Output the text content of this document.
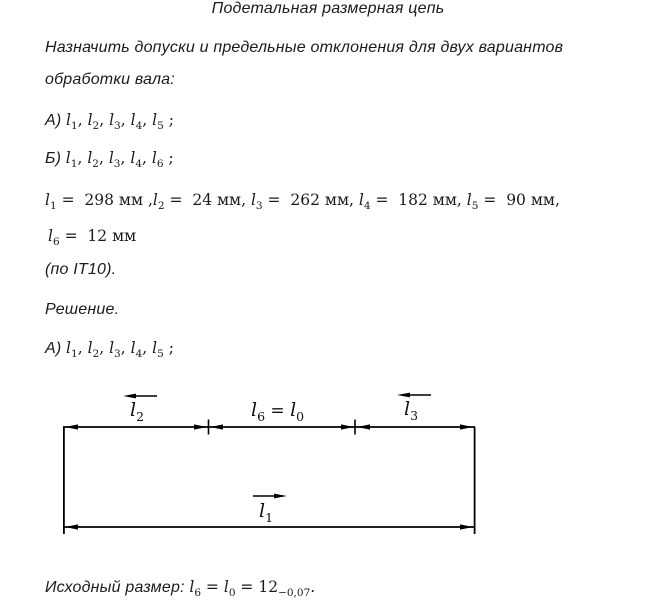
Подетальная размерная цепь
Назначить допуски и предельные отклонения для двух вариантов
обработки вала:
А) $l_1$, $l_2$, $l_3$, $l_4$, $l_5$ ;
Б) $l_1$, $l_2$, $l_3$, $l_4$, $l_6$ ;
$l_1 = 298$ мм $,l_2 = 24$ мм, $l_3 = 262$ мм, $l_4 = 182$ мм, $l_5 = 90$ мм,
$l_6 = 12$ мм
(по IT10).
Решение.
А) $l_1$, $l_2$, $l_3$, $l_4$, $l_5$ ;
$l_2$	$l_6 = l_0$	$l_3$
$l_1$
Исходный размер: $l_6 = l_0 = 12_{-0,07}$.
